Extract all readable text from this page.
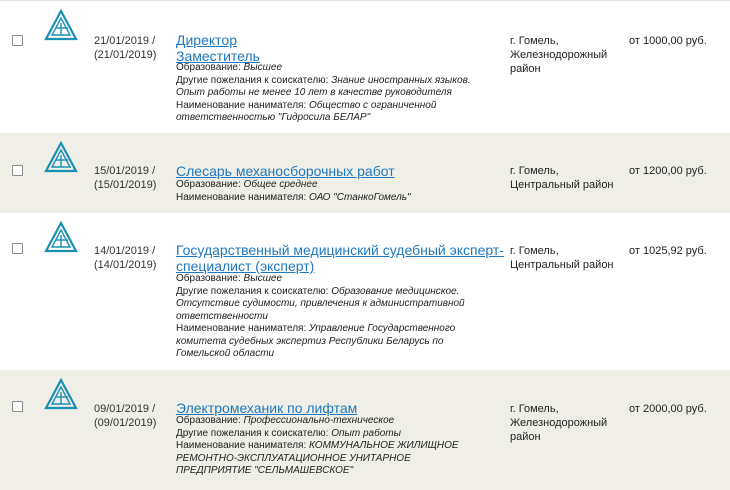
21/01/2019 /
(21/01/2019)
Директор
Заместитель
Образование: Высшее
Другие пожелания к соискателю: Знание иностранных языков.
Опыт работы не менее 10 лет в качестве руководителя
Наименование нанимателя: Общество с ограниченной
ответственностью "Гидросила БЕЛАР"
г. Гомель,
Железнодорожный
район
от 1000,00 руб.
15/01/2019 /
(15/01/2019)
Слесарь механосборочных работ
Образование: Общее среднее
Наименование нанимателя: ОАО "СтанкоГомель"
г. Гомель,
Центральный район
от 1200,00 руб.
14/01/2019 /
(14/01/2019)
Государственный медицинский судебный эксперт-
специалист (эксперт)
Образование: Высшее
Другие пожелания к соискателю: Образование медицинское.
Отсутствие судимости, привлечения к административной
ответственности
Наименование нанимателя: Управление Государственного
комитета судебных экспертиз Республики Беларусь по
Гомельской области
г. Гомель,
Центральный район
от 1025,92 руб.
09/01/2019 /
(09/01/2019)
Электромеханик по лифтам
Образование: Профессионально-техническое
Другие пожелания к соискателю: Опыт работы
Наименование нанимателя: КОММУНАЛЬНОЕ ЖИЛИЩНОЕ
РЕМОНТНО-ЭКСПЛУАТАЦИОННОЕ УНИТАРНОЕ
ПРЕДПРИЯТИЕ "СЕЛЬМАШЕВСКОЕ"
г. Гомель,
Железнодорожный
район
от 2000,00 руб.
